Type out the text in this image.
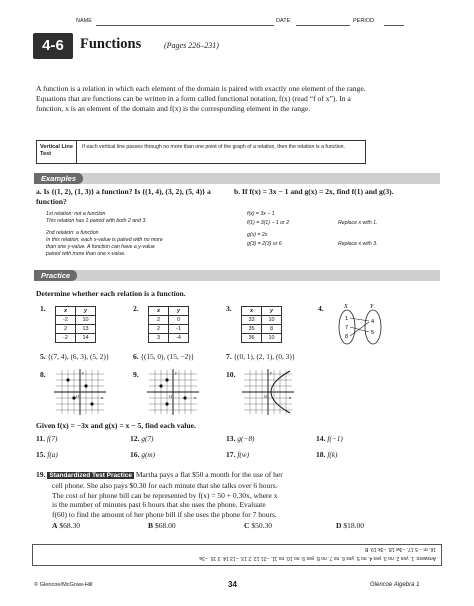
NAME	DATE	PERIOD
4-6	Functions	(Pages 226–231)
A function is a relation in which each element of the domain is paired with exactly one element of the range. Equations that are functions can be written in a form called functional notation, f(x) (read “f of x”). In a function, x is an element of the domain and f(x) is the corresponding element in the range.
Vertical Line Test
If each vertical line passes through no more than one point of the graph of a relation, then the relation is a function.
Examples
a. Is {(1, 2), (1, 3)} a function? Is {(1, 4), (3, 2), (5, 4)} a function?
1st relation: not a function
This relation has 1 paired with both 2 and 3.
2nd relation: a function
In this relation, each x-value is paired with no more
than one y-value. A function can have a y-value
paired with more than one x-value.
b. If f(x) = 3x − 1 and g(x) = 2x, find f(1) and g(3).
f(x) = 3x − 1
f(1) = 3(1) − 1 or 2	Replace x with 1.
g(x) = 2x
g(3) = 2(3) or 6	Replace x with 3.
Practice
Determine whether each relation is a function.
1.	x	y
-2	10
2	13
-2	14
2.	x	y
2	0
2	-1
3	-4
3.	x	y
33	10
35	8
36	10
4.	X	Y
1
7
8
4
5
5. {(7, 4), (6, 3), (5, 2)}	6. {(15, 0), (15, −2)}	7. {(0, 1), (2, 1), (0, 3)}
8.
x
y
O
9.
x
y
O
10.
x
y
O
Given f(x) = −3x and g(x) = x − 5, find each value.
11. f(7)	12. g(7)	13. g(−8)	14. f(−1)
15. f(a)	16. g(m)	17. f(w)	18. f(k)
19. Standardized Test Practice Martha pays a flat $50 a month for the use of her
cell phone. She also pays $0.30 for each minute that she talks over 6 hours.
The cost of her phone bill can be represented by f(x) = 50 + 0.30x, where x
is the number of minutes past 6 hours that she uses the phone. Evaluate
f(60) to find the amount of her phone bill if she uses the phone for 7 hours.
A $68.30	B $68.00	C $50.30	D $18.00
16. m − 5 17. −3w 18. −3k 19. B
Answers: 1. yes 2. no 3. yes 4. no 5. yes 6. no 7. no 8. yes 9. no 10. no 11. −21 12. 2 13. −13 14. 3 15. −3a
© Glencoe/McGraw-Hill	34	Glencoe Algebra 1
